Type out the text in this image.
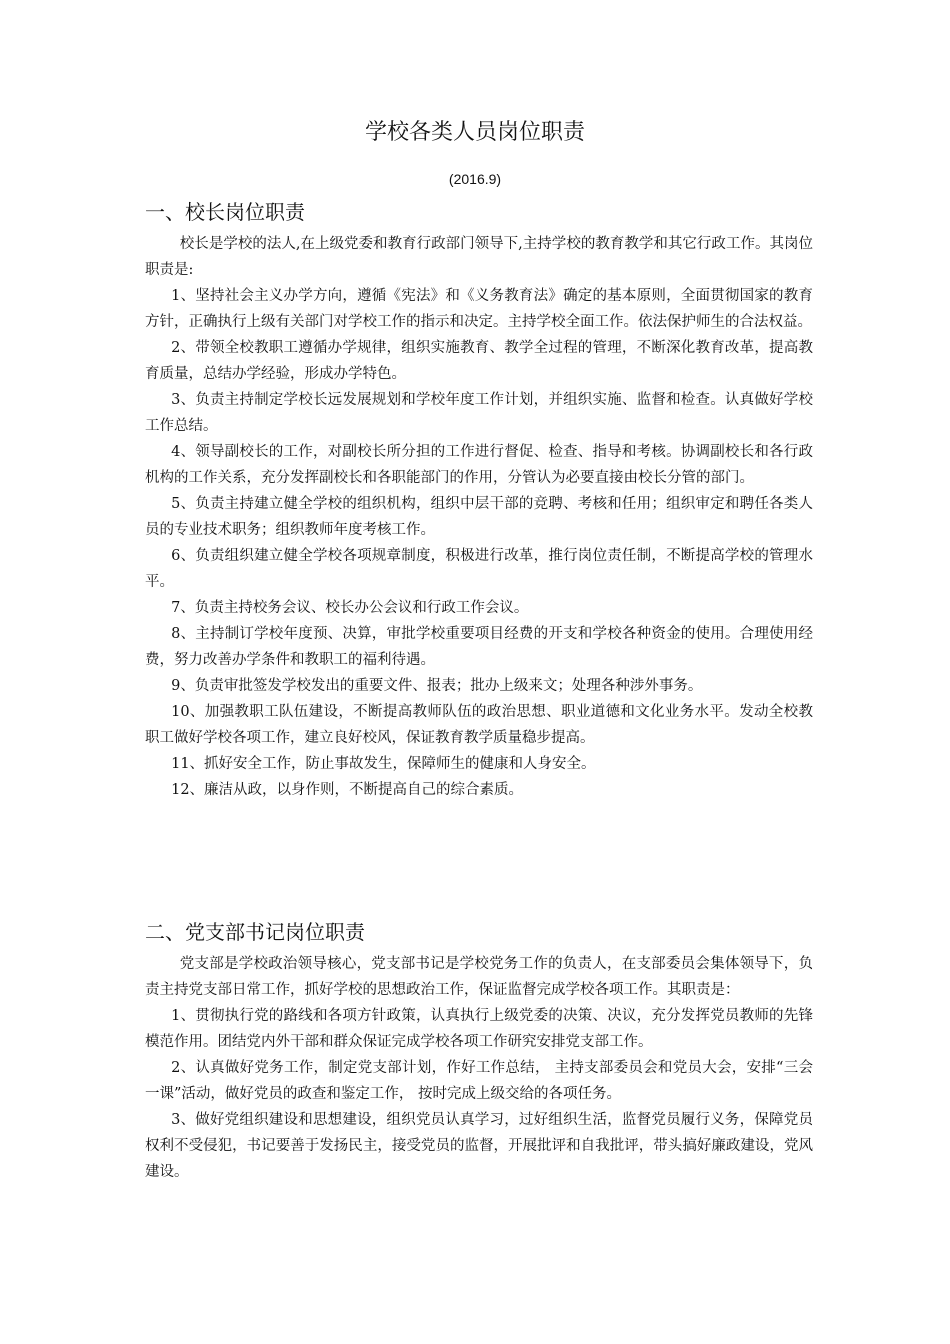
学校各类人员岗位职责

(2016.9)

一、校长岗位职责

校长是学校的法人,在上级党委和教育行政部门领导下,主持学校的教育教学和其它行政工作。其岗位职责是:

1、坚持社会主义办学方向，遵循《宪法》和《义务教育法》确定的基本原则，全面贯彻国家的教育方针，正确执行上级有关部门对学校工作的指示和决定。主持学校全面工作。依法保护师生的合法权益。

2、带领全校教职工遵循办学规律，组织实施教育、教学全过程的管理，不断深化教育改革，提高教育质量，总结办学经验，形成办学特色。

3、负责主持制定学校长远发展规划和学校年度工作计划，并组织实施、监督和检查。认真做好学校工作总结。

4、领导副校长的工作，对副校长所分担的工作进行督促、检查、指导和考核。协调副校长和各行政机构的工作关系，充分发挥副校长和各职能部门的作用，分管认为必要直接由校长分管的部门。

5、负责主持建立健全学校的组织机构，组织中层干部的竞聘、考核和任用；组织审定和聘任各类人员的专业技术职务；组织教师年度考核工作。

6、负责组织建立健全学校各项规章制度，积极进行改革，推行岗位责任制，不断提高学校的管理水平。

7、负责主持校务会议、校长办公会议和行政工作会议。

8、主持制订学校年度预、决算，审批学校重要项目经费的开支和学校各种资金的使用。合理使用经费，努力改善办学条件和教职工的福利待遇。

9、负责审批签发学校发出的重要文件、报表；批办上级来文；处理各种涉外事务。

10、加强教职工队伍建设，不断提高教师队伍的政治思想、职业道德和文化业务水平。发动全校教职工做好学校各项工作，建立良好校风，保证教育教学质量稳步提高。

11、抓好安全工作，防止事故发生，保障师生的健康和人身安全。

12、廉洁从政，以身作则，不断提高自己的综合素质。

二、党支部书记岗位职责

党支部是学校政治领导核心，党支部书记是学校党务工作的负责人，在支部委员会集体领导下，负责主持党支部日常工作，抓好学校的思想政治工作，保证监督完成学校各项工作。其职责是：

1、贯彻执行党的路线和各项方针政策，认真执行上级党委的决策、决议，充分发挥党员教师的先锋模范作用。团结党内外干部和群众保证完成学校各项工作研究安排党支部工作。

2、认真做好党务工作，制定党支部计划，作好工作总结， 主持支部委员会和党员大会，安排“三会一课”活动，做好党员的政查和鉴定工作， 按时完成上级交给的各项任务。

3、做好党组织建设和思想建设，组织党员认真学习，过好组织生活，监督党员履行义务，保障党员权利不受侵犯，书记要善于发扬民主，接受党员的监督，开展批评和自我批评，带头搞好廉政建设，党风建设。
